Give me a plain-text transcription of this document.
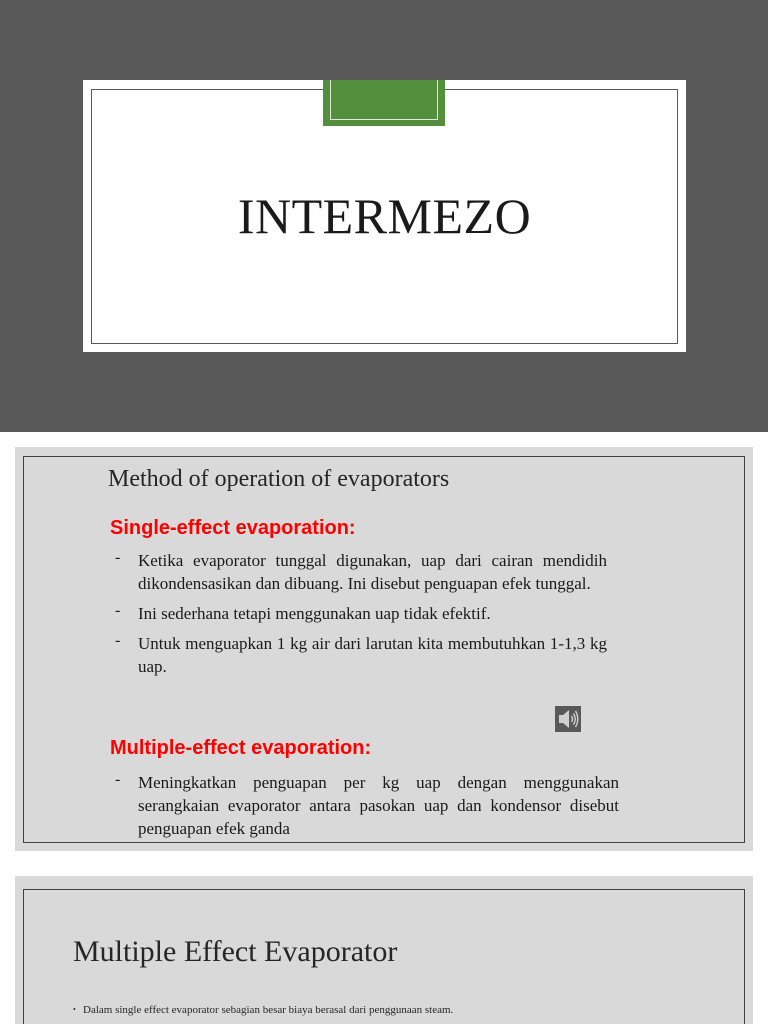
INTERMEZO
Method of operation of evaporators
Single-effect evaporation:
- Ketika evaporator tunggal digunakan, uap dari cairan mendidih dikondensasikan dan dibuang. Ini disebut penguapan efek tunggal.
- Ini sederhana tetapi menggunakan uap tidak efektif.
- Untuk menguapkan 1 kg air dari larutan kita membutuhkan 1-1,3 kg uap.
Multiple-effect evaporation:
- Meningkatkan penguapan per kg uap dengan menggunakan serangkaian evaporator antara pasokan uap dan kondensor disebut penguapan efek ganda
Multiple Effect Evaporator
• Dalam single effect evaporator sebagian besar biaya berasal dari penggunaan steam.
